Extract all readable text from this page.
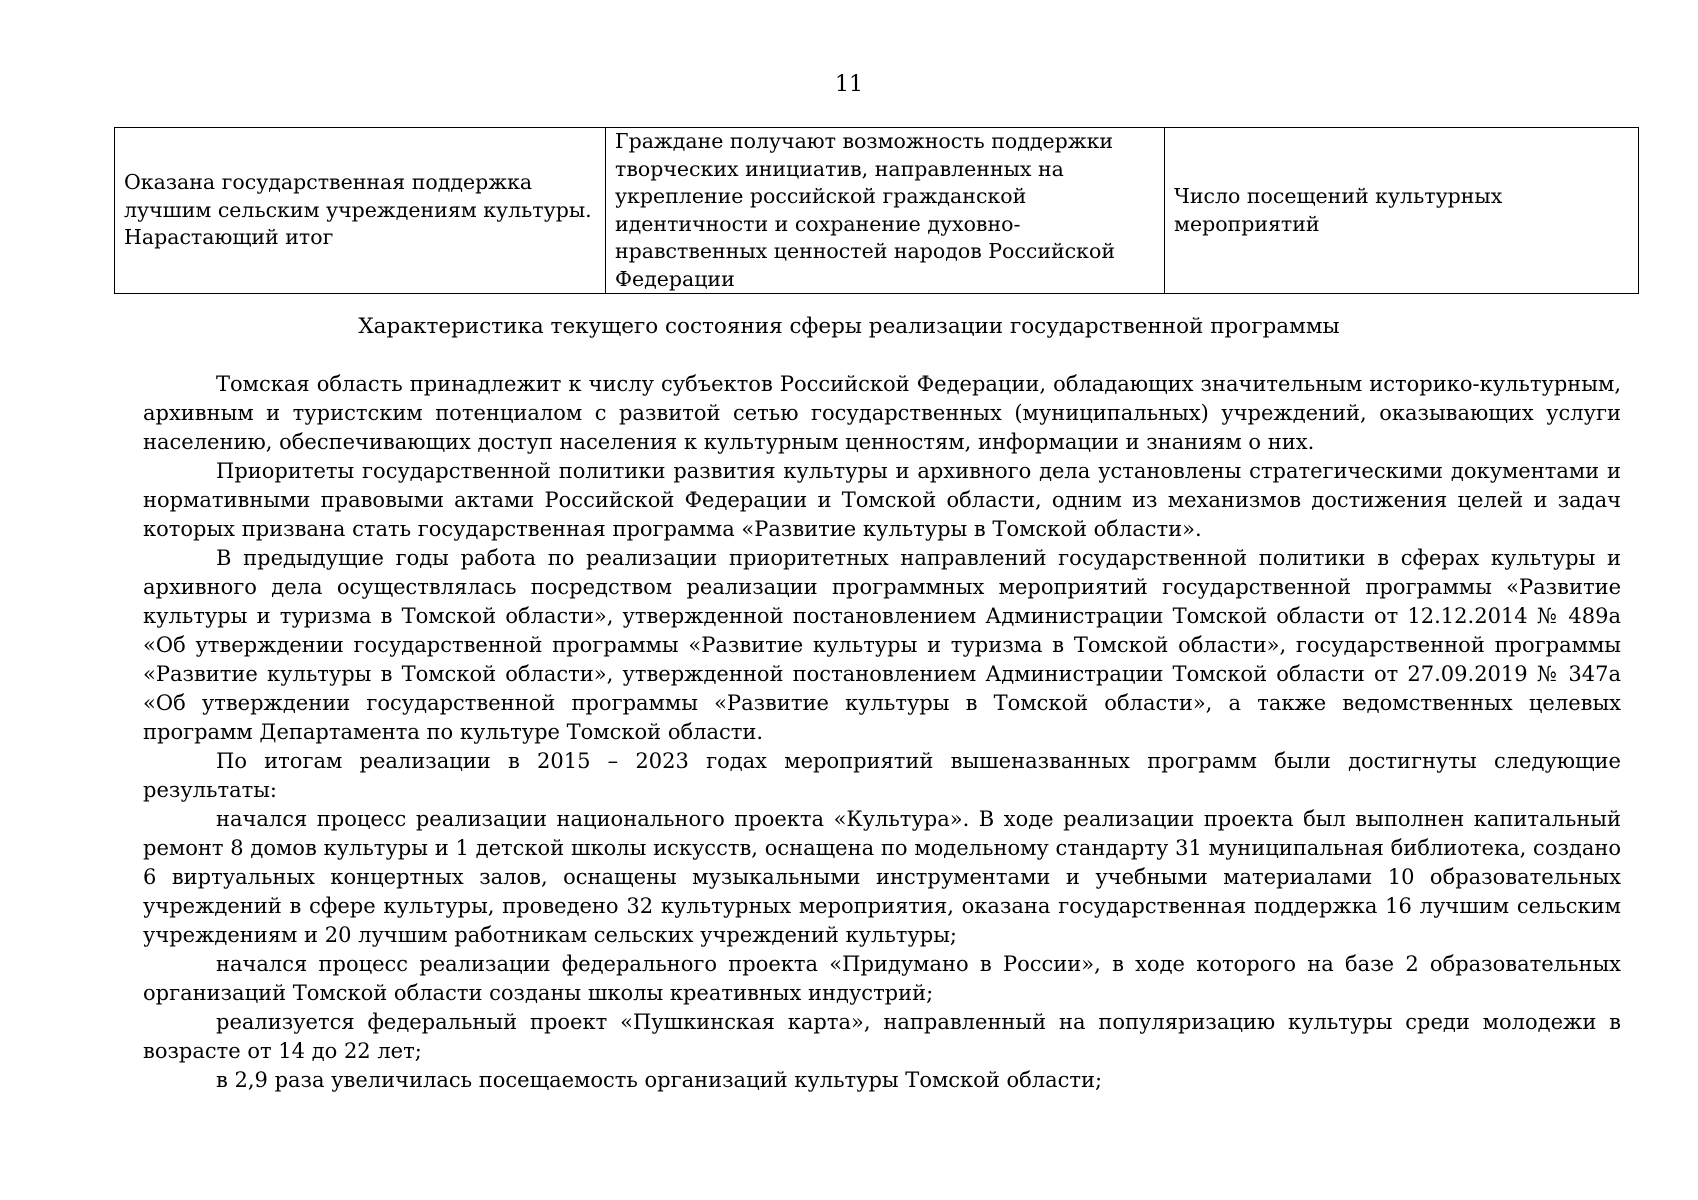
11
Оказана государственная поддержка лучшим сельским учреждениям культуры. Нарастающий итог	Граждане получают возможность поддержки творческих инициатив, направленных на укрепление российской гражданской идентичности и сохранение духовно-нравственных ценностей народов Российской Федерации	Число посещений культурных мероприятий
Характеристика текущего состояния сферы реализации государственной программы

Томская область принадлежит к числу субъектов Российской Федерации, обладающих значительным историко-культурным, архивным и туристским потенциалом с развитой сетью государственных (муниципальных) учреждений, оказывающих услуги населению, обеспечивающих доступ населения к культурным ценностям, информации и знаниям о них.

Приоритеты государственной политики развития культуры и архивного дела установлены стратегическими документами и нормативными правовыми актами Российской Федерации и Томской области, одним из механизмов достижения целей и задач которых призвана стать государственная программа «Развитие культуры в Томской области».

В предыдущие годы работа по реализации приоритетных направлений государственной политики в сферах культуры и архивного дела осуществлялась посредством реализации программных мероприятий государственной программы «Развитие культуры и туризма в Томской области», утвержденной постановлением Администрации Томской области от 12.12.2014 № 489а «Об утверждении государственной программы «Развитие культуры и туризма в Томской области», государственной программы «Развитие культуры в Томской области», утвержденной постановлением Администрации Томской области от 27.09.2019 № 347а «Об утверждении государственной программы «Развитие культуры в Томской области», а также ведомственных целевых программ Департамента по культуре Томской области.

По итогам реализации в 2015 – 2023 годах мероприятий вышеназванных программ были достигнуты следующие результаты:

начался процесс реализации национального проекта «Культура». В ходе реализации проекта был выполнен капитальный ремонт 8 домов культуры и 1 детской школы искусств, оснащена по модельному стандарту 31 муниципальная библиотека, создано 6 виртуальных концертных залов, оснащены музыкальными инструментами и учебными материалами 10 образовательных учреждений в сфере культуры, проведено 32 культурных мероприятия, оказана государственная поддержка 16 лучшим сельским учреждениям и 20 лучшим работникам сельских учреждений культуры;

начался процесс реализации федерального проекта «Придумано в России», в ходе которого на базе 2 образовательных организаций Томской области созданы школы креативных индустрий;

реализуется федеральный проект «Пушкинская карта», направленный на популяризацию культуры среди молодежи в возрасте от 14 до 22 лет;

в 2,9 раза увеличилась посещаемость организаций культуры Томской области;
